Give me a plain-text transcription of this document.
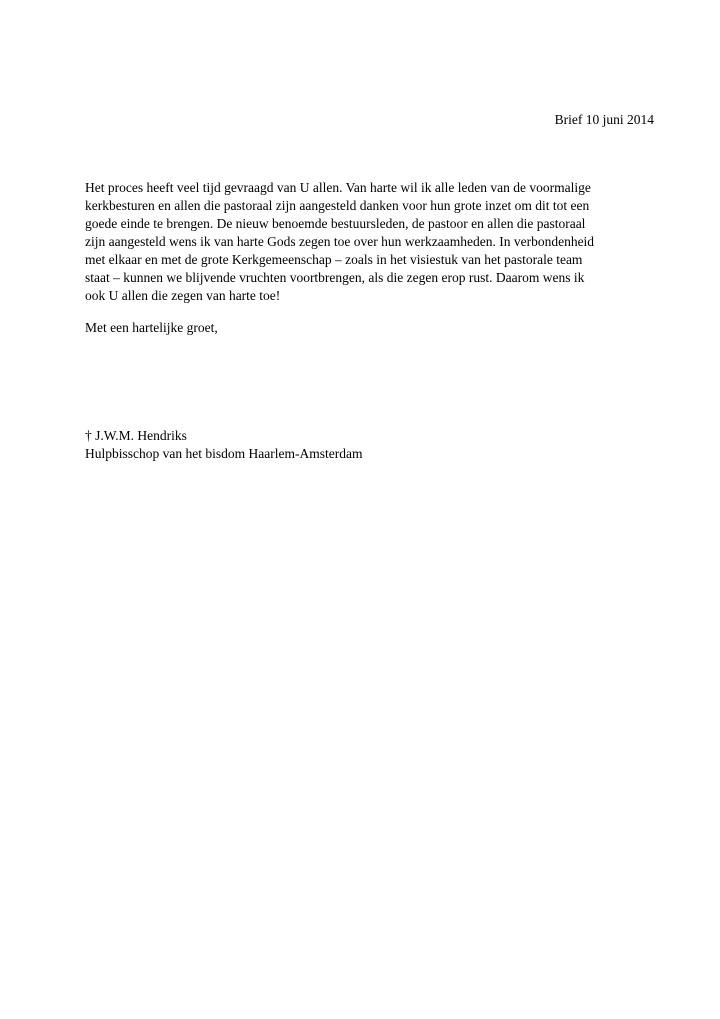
Brief 10 juni 2014
Het proces heeft veel tijd gevraagd van U allen. Van harte wil ik alle leden van de voormalige
kerkbesturen en allen die pastoraal zijn aangesteld danken voor hun grote inzet om dit tot een
goede einde te brengen. De nieuw benoemde bestuursleden, de pastoor en allen die pastoraal
zijn aangesteld wens ik van harte Gods zegen toe over hun werkzaamheden. In verbondenheid
met elkaar en met de grote Kerkgemeenschap – zoals in het visiestuk van het pastorale team
staat – kunnen we blijvende vruchten voortbrengen, als die zegen erop rust. Daarom wens ik
ook U allen die zegen van harte toe!
Met een hartelijke groet,
† J.W.M. Hendriks
Hulpbisschop van het bisdom Haarlem-Amsterdam
